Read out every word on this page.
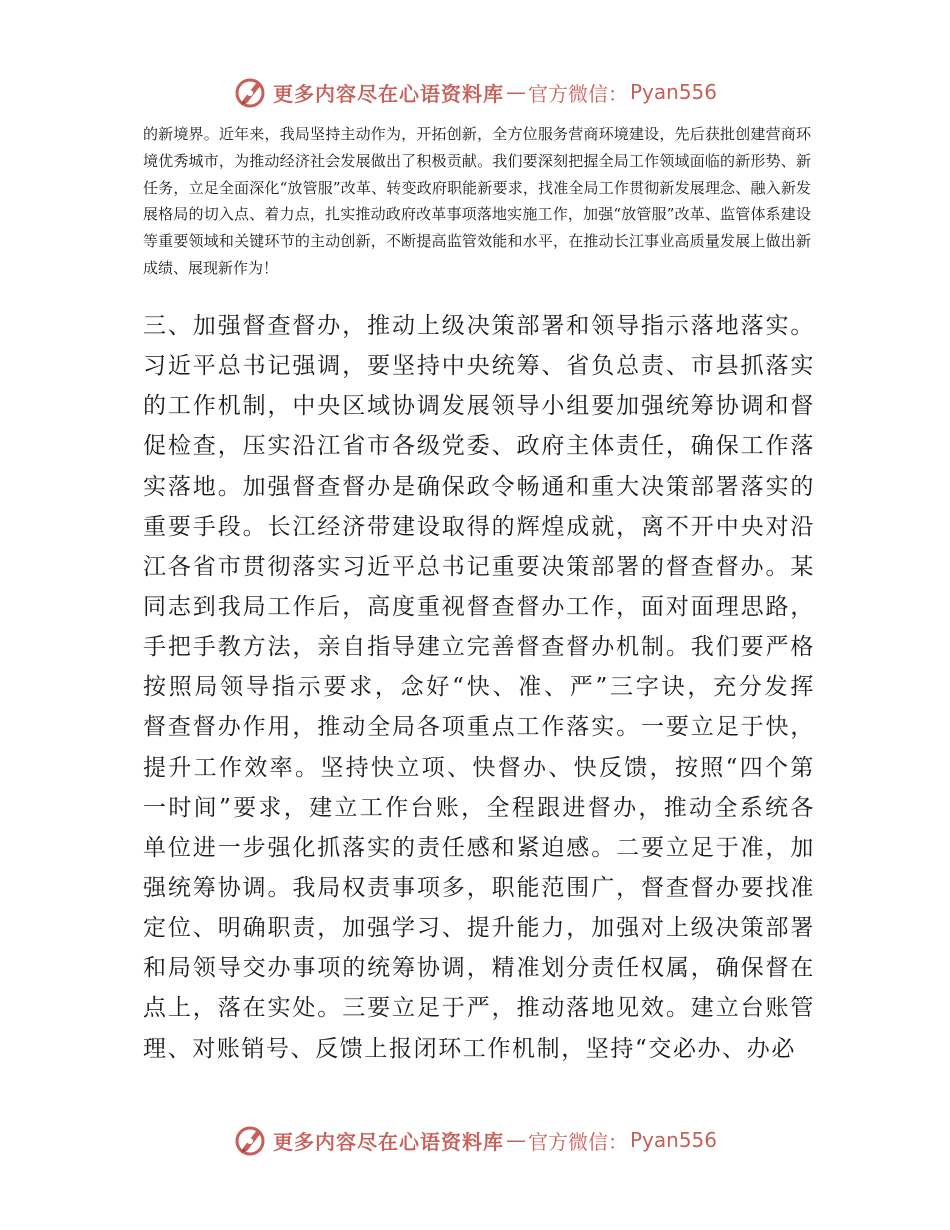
更多内容尽在心语资料库 — 官方微信： Pyan556

的新境界。近年来，我局坚持主动作为，开拓创新，全方位服务营商环境建设，先后获批创建营商环境优秀城市，为推动经济社会发展做出了积极贡献。我们要深刻把握全局工作领域面临的新形势、新任务，立足全面深化“放管服”改革、转变政府职能新要求，找准全局工作贯彻新发展理念、融入新发展格局的切入点、着力点，扎实推动政府改革事项落地实施工作，加强“放管服”改革、监管体系建设等重要领域和关键环节的主动创新，不断提高监管效能和水平，在推动长江事业高质量发展上做出新成绩、展现新作为！

三、加强督查督办，推动上级决策部署和领导指示落地落实。
习近平总书记强调，要坚持中央统筹、省负总责、市县抓落实
的工作机制，中央区域协调发展领导小组要加强统筹协调和督
促检查，压实沿江省市各级党委、政府主体责任，确保工作落
实落地。加强督查督办是确保政令畅通和重大决策部署落实的
重要手段。长江经济带建设取得的辉煌成就，离不开中央对沿
江各省市贯彻落实习近平总书记重要决策部署的督查督办。某
同志到我局工作后，高度重视督查督办工作，面对面理思路，
手把手教方法，亲自指导建立完善督查督办机制。我们要严格
按照局领导指示要求，念好“快、准、严”三字诀，充分发挥
督查督办作用，推动全局各项重点工作落实。一要立足于快，
提升工作效率。坚持快立项、快督办、快反馈，按照“四个第
一时间”要求，建立工作台账，全程跟进督办，推动全系统各
单位进一步强化抓落实的责任感和紧迫感。二要立足于准，加
强统筹协调。我局权责事项多，职能范围广，督查督办要找准
定位、明确职责，加强学习、提升能力，加强对上级决策部署
和局领导交办事项的统筹协调，精准划分责任权属，确保督在
点上，落在实处。三要立足于严，推动落地见效。建立台账管
理、对账销号、反馈上报闭环工作机制，坚持“交必办、办必
更多内容尽在心语资料库 — 官方微信： Pyan556
